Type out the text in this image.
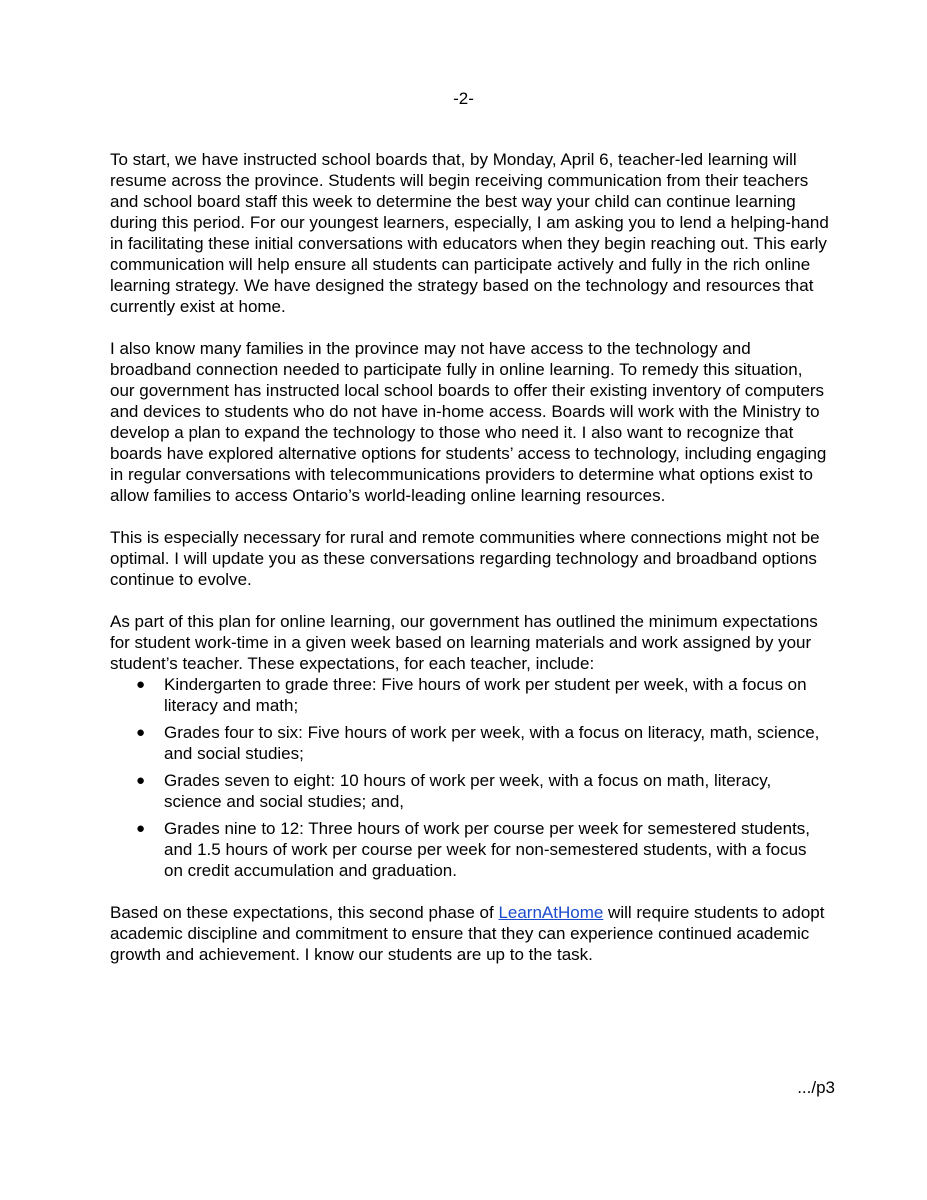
-2-

To start, we have instructed school boards that, by Monday, April 6, teacher-led learning will resume across the province. Students will begin receiving communication from their teachers and school board staff this week to determine the best way your child can continue learning during this period. For our youngest learners, especially, I am asking you to lend a helping-hand in facilitating these initial conversations with educators when they begin reaching out. This early communication will help ensure all students can participate actively and fully in the rich online learning strategy. We have designed the strategy based on the technology and resources that currently exist at home.

I also know many families in the province may not have access to the technology and broadband connection needed to participate fully in online learning. To remedy this situation, our government has instructed local school boards to offer their existing inventory of computers and devices to students who do not have in-home access. Boards will work with the Ministry to develop a plan to expand the technology to those who need it. I also want to recognize that boards have explored alternative options for students’ access to technology, including engaging in regular conversations with telecommunications providers to determine what options exist to allow families to access Ontario’s world-leading online learning resources.

This is especially necessary for rural and remote communities where connections might not be optimal. I will update you as these conversations regarding technology and broadband options continue to evolve.

As part of this plan for online learning, our government has outlined the minimum expectations for student work-time in a given week based on learning materials and work assigned by your student’s teacher. These expectations, for each teacher, include:

● Kindergarten to grade three: Five hours of work per student per week, with a focus on literacy and math;
● Grades four to six: Five hours of work per week, with a focus on literacy, math, science, and social studies;
● Grades seven to eight: 10 hours of work per week, with a focus on math, literacy, science and social studies; and,
● Grades nine to 12: Three hours of work per course per week for semestered students, and 1.5 hours of work per course per week for non-semestered students, with a focus on credit accumulation and graduation.

Based on these expectations, this second phase of LearnAtHome will require students to adopt academic discipline and commitment to ensure that they can experience continued academic growth and achievement. I know our students are up to the task.

.../p3
